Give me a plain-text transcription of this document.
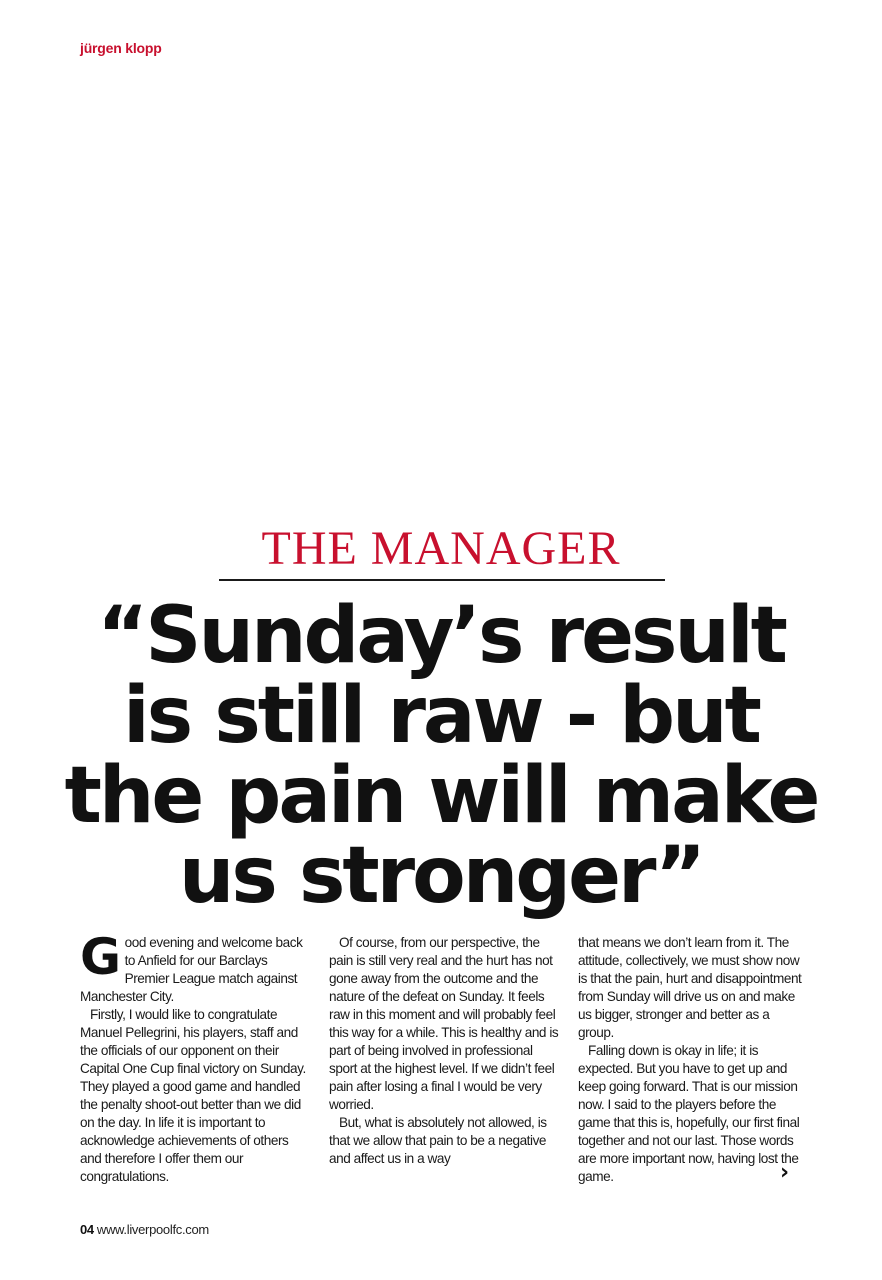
jürgen klopp
THE MANAGER
“Sunday’s result
is still raw - but
the pain will make
us stronger”

Good evening and welcome back to Anfield for our Barclays Premier League match against Manchester City.

Firstly, I would like to congratulate Manuel Pellegrini, his players, staff and the officials of our opponent on their Capital One Cup final victory on Sunday. They played a good game and handled the penalty shoot-out better than we did on the day. In life it is important to acknowledge achievements of others and therefore I offer them our congratulations.

Of course, from our perspective, the pain is still very real and the hurt has not gone away from the outcome and the nature of the defeat on Sunday. It feels raw in this moment and will probably feel this way for a while. This is healthy and is part of being involved in professional sport at the highest level. If we didn’t feel pain after losing a final I would be very worried.

But, what is absolutely not allowed, is that we allow that pain to be a negative and affect us in a way

that means we don’t learn from it. The attitude, collectively, we must show now is that the pain, hurt and disappointment from Sunday will drive us on and make us bigger, stronger and better as a group.

Falling down is okay in life; it is expected. But you have to get up and keep going forward. That is our mission now. I said to the players before the game that this is, hopefully, our first final together and not our last. Those words are more important now, having lost the game.	›
04 www.liverpoolfc.com
